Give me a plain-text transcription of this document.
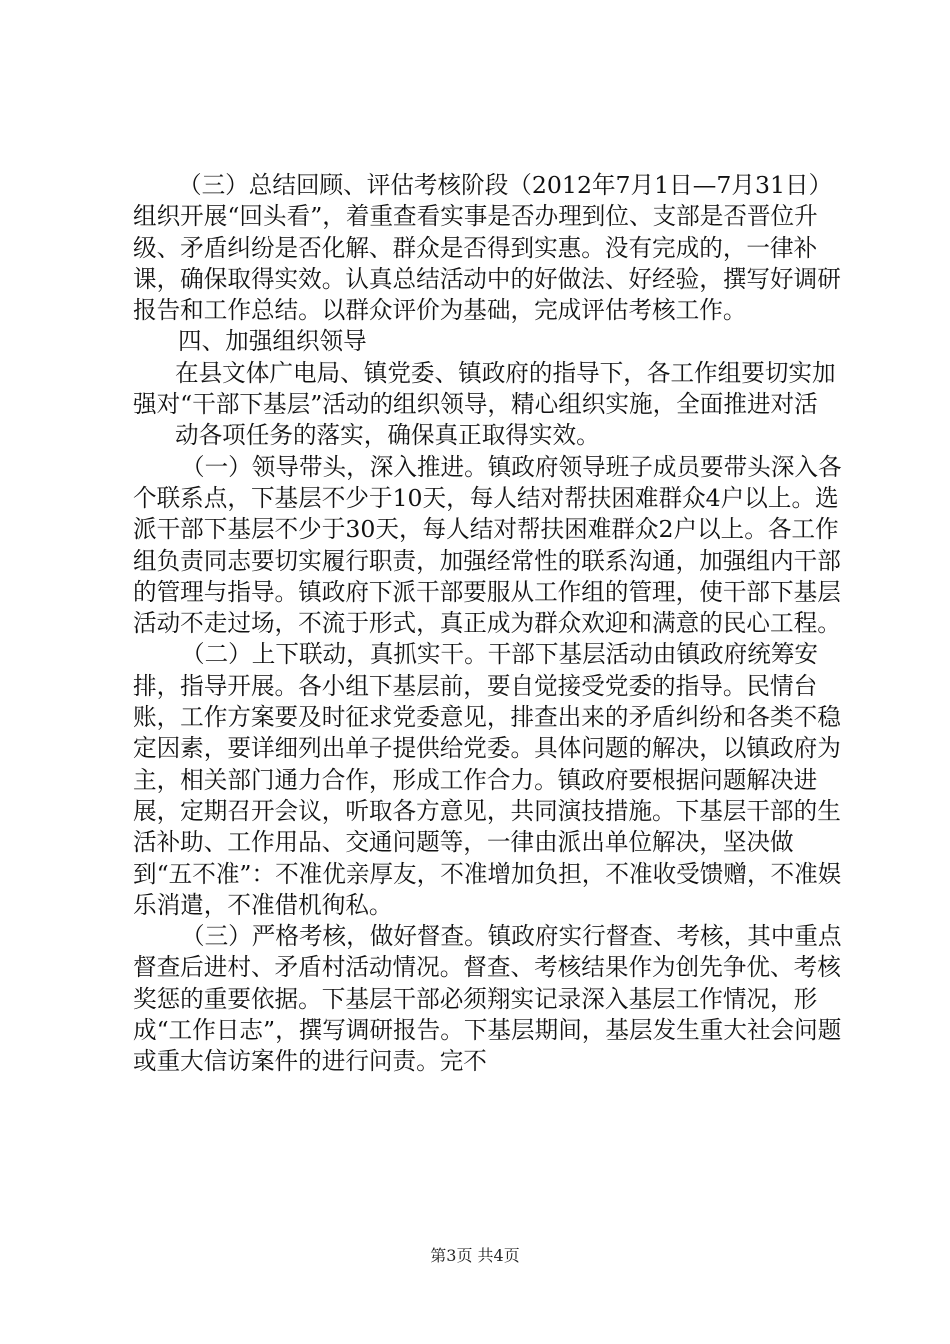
（三）总结回顾、评估考核阶段（2012年7月1日—7月31日）组织开展“回头看”，着重查看实事是否办理到位、支部是否晋位升级、矛盾纠纷是否化解、群众是否得到实惠。没有完成的，一律补课，确保取得实效。认真总结活动中的好做法、好经验，撰写好调研报告和工作总结。以群众评价为基础，完成评估考核工作。

四、加强组织领导

在县文体广电局、镇党委、镇政府的指导下，各工作组要切实加强对“干部下基层”活动的组织领导，精心组织实施，全面推进对活

动各项任务的落实，确保真正取得实效。

（一）领导带头，深入推进。镇政府领导班子成员要带头深入各个联系点，下基层不少于10天，每人结对帮扶困难群众4户以上。选派干部下基层不少于30天，每人结对帮扶困难群众2户以上。各工作组负责同志要切实履行职责，加强经常性的联系沟通，加强组内干部的管理与指导。镇政府下派干部要服从工作组的管理，使干部下基层活动不走过场，不流于形式，真正成为群众欢迎和满意的民心工程。

（二）上下联动，真抓实干。干部下基层活动由镇政府统筹安排，指导开展。各小组下基层前，要自觉接受党委的指导。民情台账，工作方案要及时征求党委意见，排查出来的矛盾纠纷和各类不稳定因素，要详细列出单子提供给党委。具体问题的解决，以镇政府为主，相关部门通力合作，形成工作合力。镇政府要根据问题解决进展，定期召开会议，听取各方意见，共同演技措施。下基层干部的生活补助、工作用品、交通问题等，一律由派出单位解决，坚决做到“五不准”：不准优亲厚友，不准增加负担，不准收受馈赠，不准娱乐消遣，不准借机徇私。

（三）严格考核，做好督查。镇政府实行督查、考核，其中重点督查后进村、矛盾村活动情况。督查、考核结果作为创先争优、考核奖惩的重要依据。下基层干部必须翔实记录深入基层工作情况，形成“工作日志”，撰写调研报告。下基层期间，基层发生重大社会问题或重大信访案件的进行问责。完不

第3页 共4页
